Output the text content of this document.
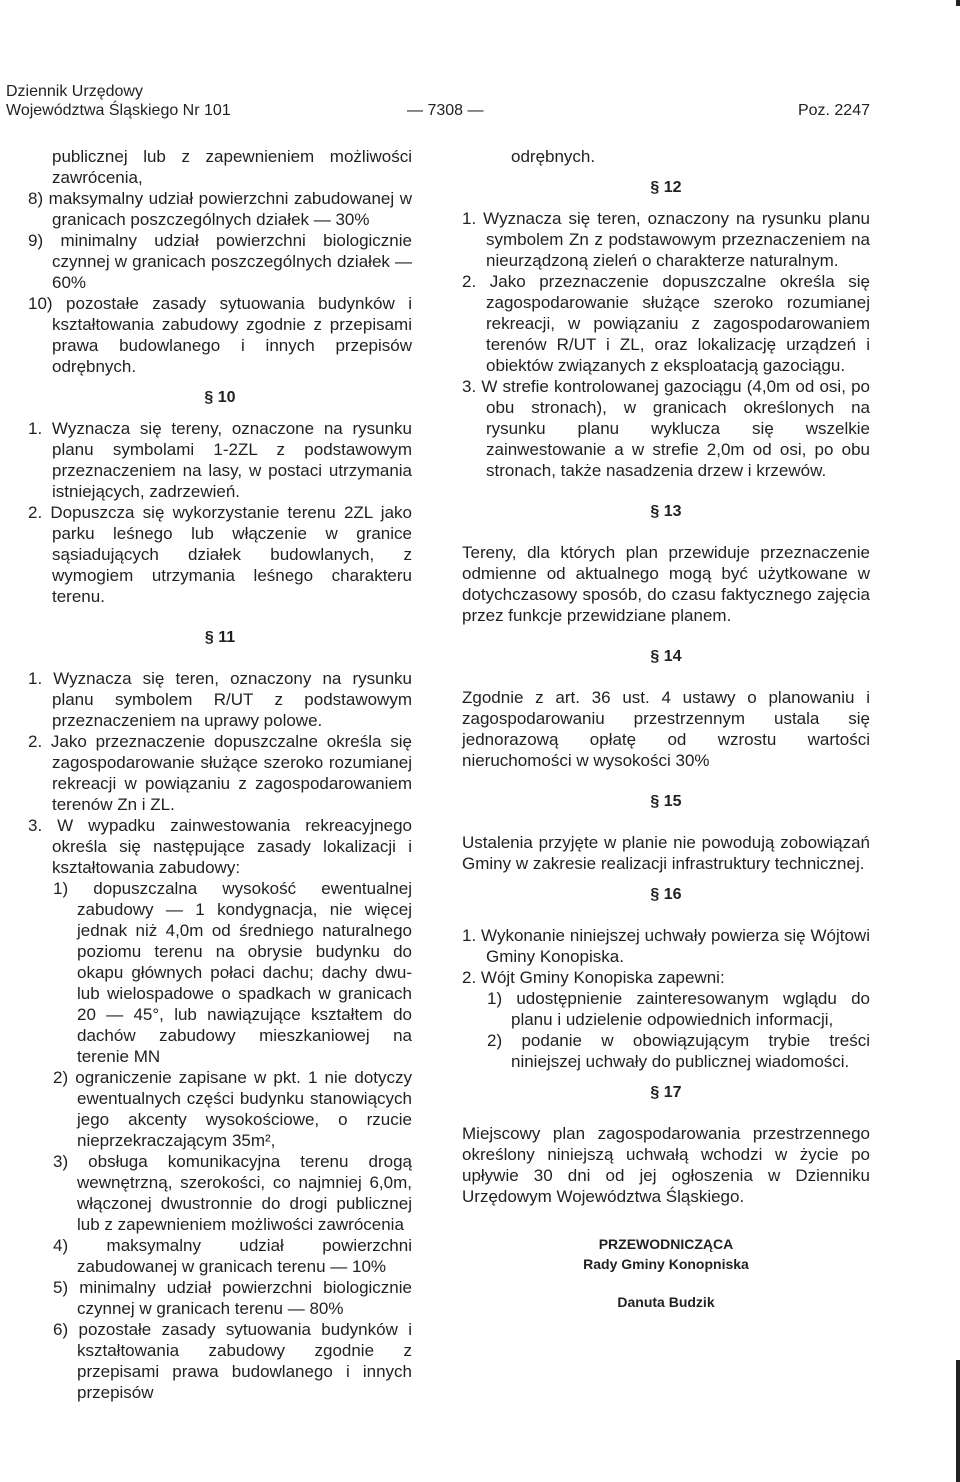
Dziennik Urzędowy
Województwa Śląskiego Nr 101	— 7308 —	Poz. 2247

publicznej lub z zapewnieniem możliwości zawrócenia,

8) maksymalny udział powierzchni zabudowanej w granicach poszczególnych działek — 30%

9) minimalny udział powierzchni biologicznie czynnej w granicach poszczególnych działek — 60%

10) pozostałe zasady sytuowania budynków i kształtowania zabudowy zgodnie z przepisami prawa budowlanego i innych przepisów odrębnych.

§ 10

1. Wyznacza się tereny, oznaczone na rysunku planu symbolami 1-2ZL z podstawowym przeznaczeniem na lasy, w postaci utrzymania istniejących, zadrzewień.

2. Dopuszcza się wykorzystanie terenu 2ZL jako parku leśnego lub włączenie w granice sąsiadujących działek budowlanych, z wymogiem utrzymania leśnego charakteru terenu.

§ 11

1. Wyznacza się teren, oznaczony na rysunku planu symbolem R/UT z podstawowym przeznaczeniem na uprawy polowe.

2. Jako przeznaczenie dopuszczalne określa się zagospodarowanie służące szeroko rozumianej rekreacji w powiązaniu z zagospodarowaniem terenów Zn i ZL.

3. W wypadku zainwestowania rekreacyjnego określa się następujące zasady lokalizacji i kształtowania zabudowy:

1) dopuszczalna wysokość ewentualnej zabudowy — 1 kondygnacja, nie więcej jednak niż 4,0m od średniego naturalnego poziomu terenu na obrysie budynku do okapu głównych połaci dachu; dachy dwu- lub wielospadowe o spadkach w granicach 20 — 45°, lub nawiązujące kształtem do dachów zabudowy mieszkaniowej na terenie MN

2) ograniczenie zapisane w pkt. 1 nie dotyczy ewentualnych części budynku stanowiących jego akcenty wysokościowe, o rzucie nieprzekraczającym 35m²,

3) obsługa komunikacyjna terenu drogą wewnętrzną, szerokości, co najmniej 6,0m, włączonej dwustronnie do drogi publicznej lub z zapewnieniem możliwości zawrócenia

4) maksymalny udział powierzchni zabudowanej w granicach terenu — 10%

5) minimalny udział powierzchni biologicznie czynnej w granicach terenu — 80%

6) pozostałe zasady sytuowania budynków i kształtowania zabudowy zgodnie z przepisami prawa budowlanego i innych przepisów

odrębnych.

§ 12

1. Wyznacza się teren, oznaczony na rysunku planu symbolem Zn z podstawowym przeznaczeniem na nieurządzoną zieleń o charakterze naturalnym.

2. Jako przeznaczenie dopuszczalne określa się zagospodarowanie służące szeroko rozumianej rekreacji, w powiązaniu z zagospodarowaniem terenów R/UT i ZL, oraz lokalizację urządzeń i obiektów związanych z eksploatacją gazociągu.

3. W strefie kontrolowanej gazociągu (4,0m od osi, po obu stronach), w granicach określonych na rysunku planu wyklucza się wszelkie zainwestowanie a w strefie 2,0m od osi, po obu stronach, także nasadzenia drzew i krzewów.

§ 13

Tereny, dla których plan przewiduje przeznaczenie odmienne od aktualnego mogą być użytkowane w dotychczasowy sposób, do czasu faktycznego zajęcia przez funkcje przewidziane planem.

§ 14

Zgodnie z art. 36 ust. 4 ustawy o planowaniu i zagospodarowaniu przestrzennym ustala się jednorazową opłatę od wzrostu wartości nieruchomości w wysokości 30%

§ 15

Ustalenia przyjęte w planie nie powodują zobowiązań Gminy w zakresie realizacji infrastruktury technicznej.

§ 16

1. Wykonanie niniejszej uchwały powierza się Wójtowi Gminy Konopiska.

2. Wójt Gminy Konopiska zapewni:

1) udostępnienie zainteresowanym wglądu do planu i udzielenie odpowiednich informacji,

2) podanie w obowiązującym trybie treści niniejszej uchwały do publicznej wiadomości.

§ 17

Miejscowy plan zagospodarowania przestrzennego określony niniejszą uchwałą wchodzi w życie po upływie 30 dni od jej ogłoszenia w Dzienniku Urzędowym Województwa Śląskiego.

PRZEWODNICZĄCA

Rady Gminy Konopniska

Danuta Budzik
